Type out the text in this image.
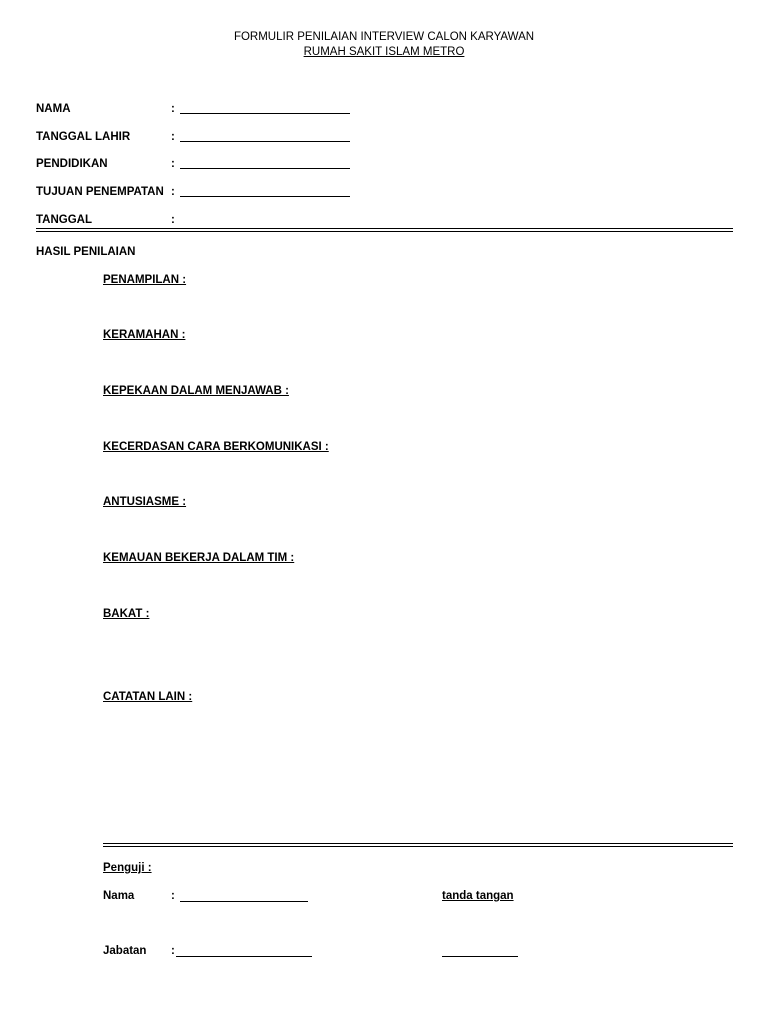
FORMULIR PENILAIAN INTERVIEW CALON KARYAWAN
RUMAH SAKIT ISLAM METRO
NAMA	:
TANGGAL LAHIR	:
PENDIDIKAN	:
TUJUAN PENEMPATAN :
TANGGAL	:
HASIL PENILAIAN
PENAMPILAN :
KERAMAHAN :
KEPEKAAN DALAM MENJAWAB :
KECERDASAN CARA BERKOMUNIKASI :
ANTUSIASME :
KEMAUAN BEKERJA DALAM TIM :
BAKAT :
CATATAN LAIN :
Penguji :
Nama	:	tanda tangan
Jabatan :
